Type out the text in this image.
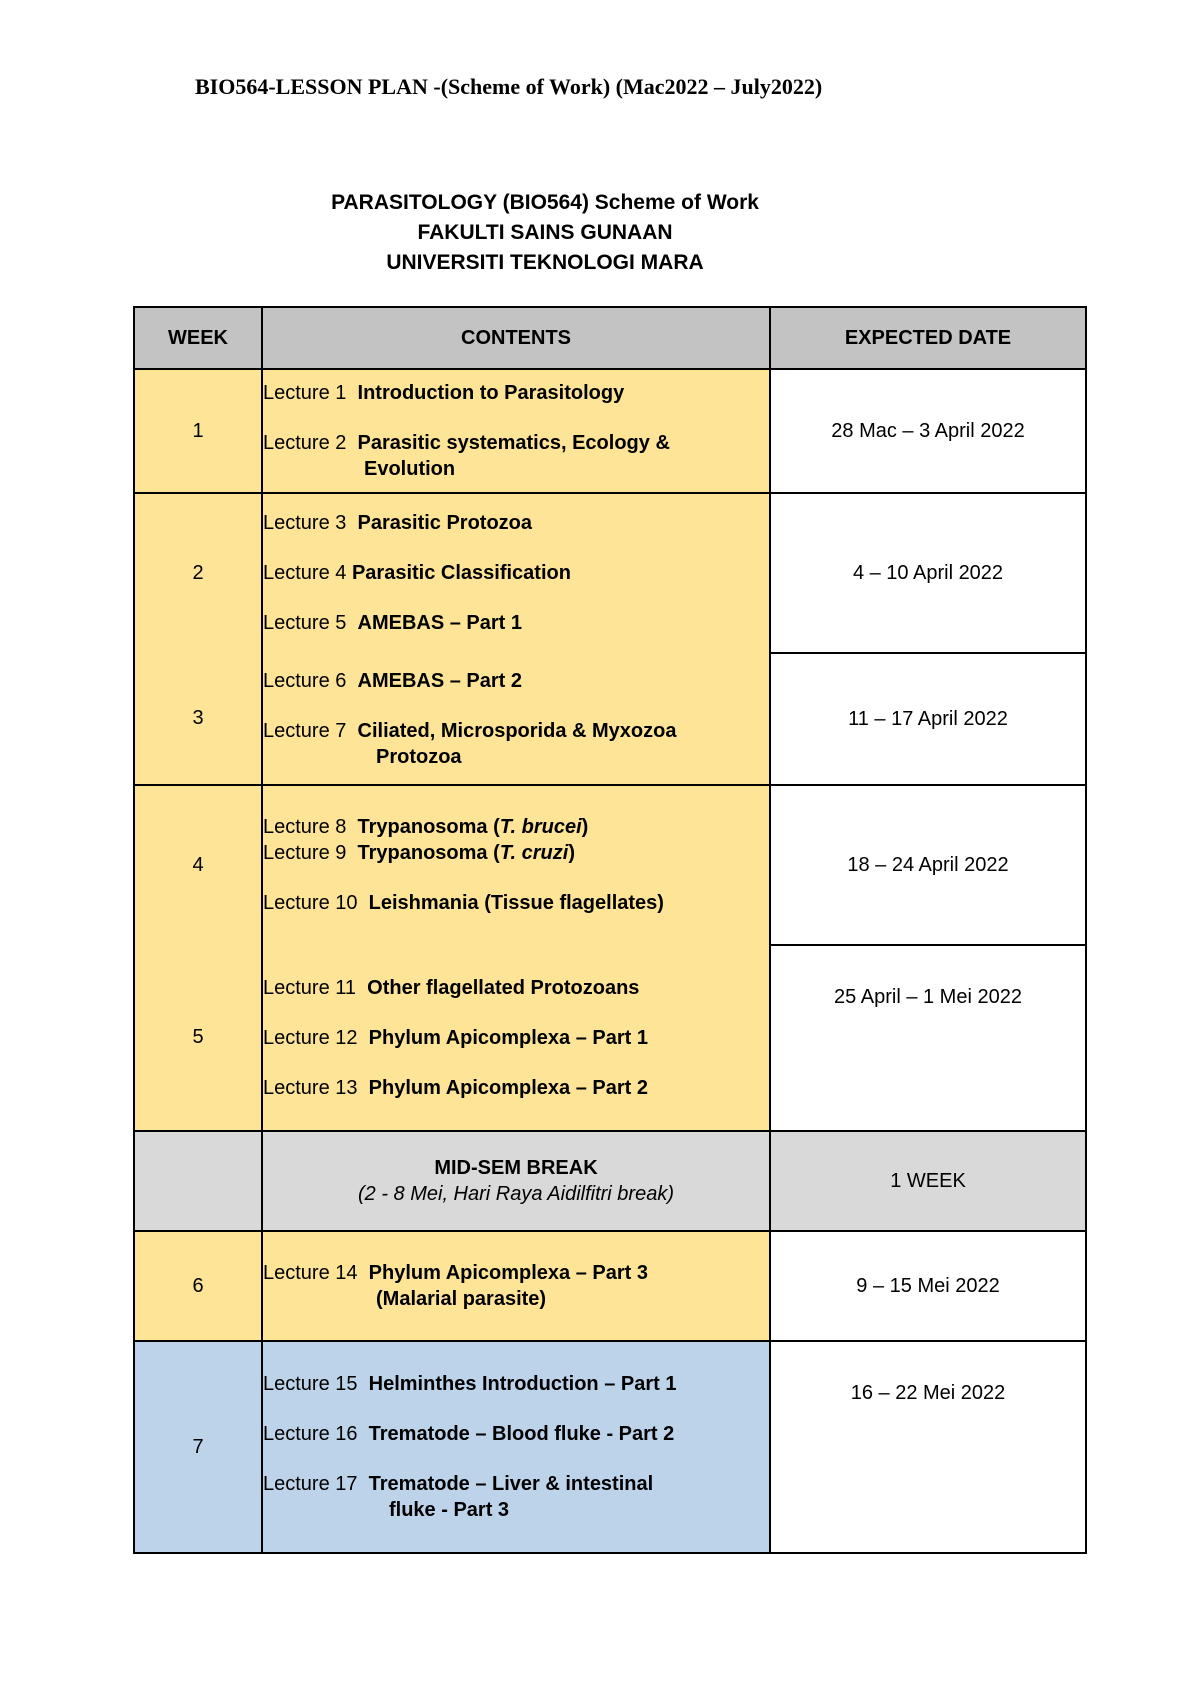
BIO564-LESSON PLAN -(Scheme of Work) (Mac2022 – July2022)
PARASITOLOGY (BIO564) Scheme of Work
FAKULTI SAINS GUNAAN
UNIVERSITI TEKNOLOGI MARA
WEEK	CONTENTS	EXPECTED DATE
1	Lecture 1 Introduction to Parasitology
Lecture 2 Parasitic systematics, Ecology &
Evolution	28 Mac – 3 April 2022
2	Lecture 3 Parasitic Protozoa
Lecture 4 Parasitic Classification
Lecture 5 AMEBAS – Part 1	4 – 10 April 2022
3	Lecture 6 AMEBAS – Part 2
Lecture 7 Ciliated, Microsporida & Myxozoa
Protozoa	11 – 17 April 2022
4	Lecture 8 Trypanosoma (T. brucei)
Lecture 9 Trypanosoma (T. cruzi)
Lecture 10 Leishmania (Tissue flagellates)	18 – 24 April 2022
5	Lecture 11 Other flagellated Protozoans
Lecture 12 Phylum Apicomplexa – Part 1
Lecture 13 Phylum Apicomplexa – Part 2	25 April – 1 Mei 2022

	MID-SEM BREAK
(2 - 8 Mei, Hari Raya Aidilfitri break)	1 WEEK
6	Lecture 14 Phylum Apicomplexa – Part 3
(Malarial parasite)	9 – 15 Mei 2022
7	Lecture 15 Helminthes Introduction – Part 1
Lecture 16 Trematode – Blood fluke - Part 2
Lecture 17 Trematode – Liver & intestinal
fluke - Part 3	16 – 22 Mei 2022
